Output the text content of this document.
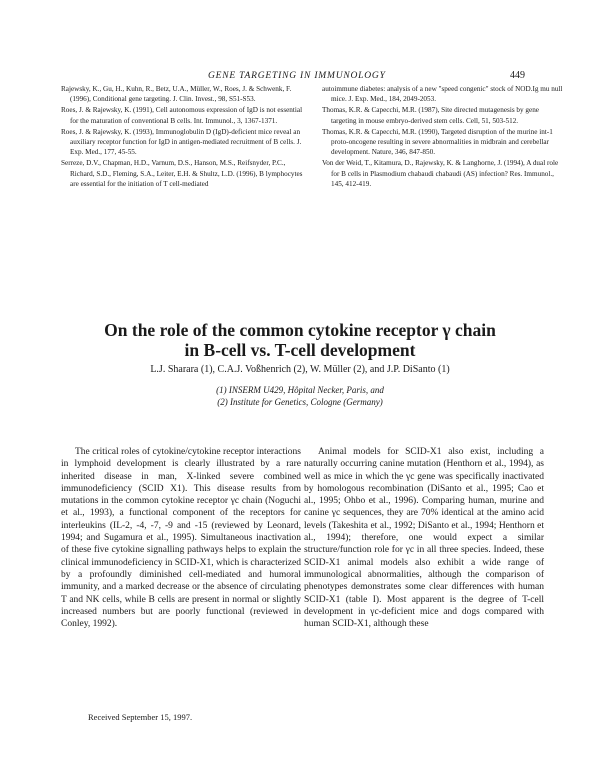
GENE TARGETING IN IMMUNOLOGY	449

Rajewsky, K., Gu, H., Kuhn, R., Betz, U.A., Müller, W., Roes, J. & Schwenk, F. (1996), Conditional gene targeting. J. Clin. Invest., 98, S51-S53.

Roes, J. & Rajewsky, K. (1991), Cell autonomous expression of IgD is not essential for the maturation of conventional B cells. Int. Immunol., 3, 1367-1371.

Roes, J. & Rajewsky, K. (1993), Immunoglobulin D (IgD)-deficient mice reveal an auxiliary receptor function for IgD in antigen-mediated recruitment of B cells. J. Exp. Med., 177, 45-55.

Serreze, D.V., Chapman, H.D., Varnum, D.S., Hanson, M.S., Reifsnyder, P.C., Richard, S.D., Fleming, S.A., Leiter, E.H. & Shultz, L.D. (1996), B lymphocytes are essential for the initiation of T cell-mediated

autoimmune diabetes: analysis of a new "speed congenic" stock of NOD.Ig mu null mice. J. Exp. Med., 184, 2049-2053.

Thomas, K.R. & Capecchi, M.R. (1987), Site directed mutagenesis by gene targeting in mouse embryo-derived stem cells. Cell, 51, 503-512.

Thomas, K.R. & Capecchi, M.R. (1990), Targeted disruption of the murine int-1 proto-oncogene resulting in severe abnormalities in midbrain and cerebellar development. Nature, 346, 847-850.

Von der Weid, T., Kitamura, D., Rajewsky, K. & Langhorne, J. (1994), A dual role for B cells in Plasmodium chabaudi chabaudi (AS) infection? Res. Immunol., 145, 412-419.

On the role of the common cytokine receptor γ chain
in B-cell vs. T-cell development
L.J. Sharara (1), C.A.J. Voßhenrich (2), W. Müller (2), and J.P. DiSanto (1)
(1) INSERM U429, Hôpital Necker, Paris, and
(2) Institute for Genetics, Cologne (Germany)

The critical roles of cytokine/cytokine receptor interactions in lymphoid development is clearly illustrated by a rare inherited disease in man, X-linked severe combined immunodeficiency (SCID X1). This disease results from mutations in the common cytokine receptor γc chain (Noguchi et al., 1993), a functional component of the receptors for interleukins (IL-2, -4, -7, -9 and -15 (reviewed by Leonard, 1994; and Sugamura et al., 1995). Simultaneous inactivation of these five cytokine signalling pathways helps to explain the clinical immunodeficiency in SCID-X1, which is characterized by a profoundly diminished cell-mediated and humoral immunity, and a marked decrease or the absence of circulating T and NK cells, while B cells are present in normal or slightly increased numbers but are poorly functional (reviewed in Conley, 1992).

Animal models for SCID-X1 also exist, including a naturally occurring canine mutation (Henthorn et al., 1994), as well as mice in which the γc gene was specifically inactivated by homologous recombination (DiSanto et al., 1995; Cao et al., 1995; Ohbo et al., 1996). Comparing human, murine and canine γc sequences, they are 70% identical at the amino acid levels (Takeshita et al., 1992; DiSanto et al., 1994; Henthorn et al., 1994); therefore, one would expect a similar structure/function role for γc in all three species. Indeed, these SCID-X1 animal models also exhibit a wide range of immunological abnormalities, although the comparison of phenotypes demonstrates some clear differences with human SCID-X1 (table I). Most apparent is the degree of T-cell development in γc-deficient mice and dogs compared with human SCID-X1, although these

Received September 15, 1997.
